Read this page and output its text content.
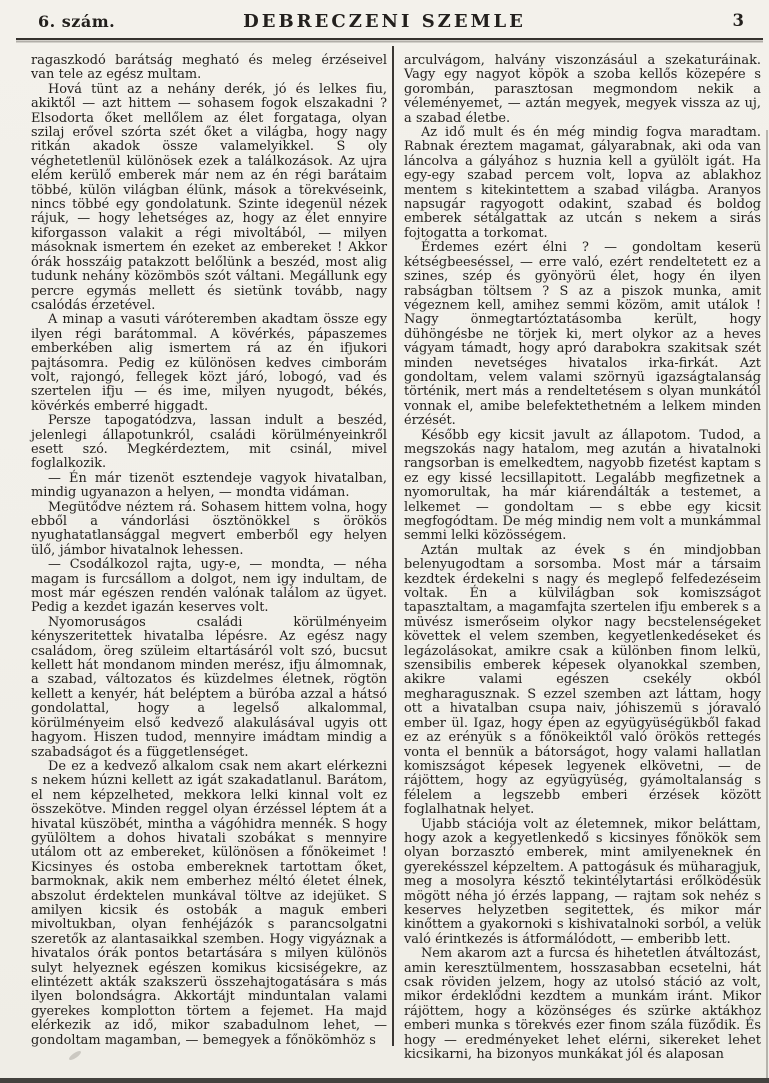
6. szám.	DEBRECZENI SZEMLE	3

ragaszkodó barátság megható és meleg érzéseivel van tele az egész multam.

Hová tünt az a nehány derék, jó és lelkes fiu, akiktől — azt hittem — sohasem fogok elszakadni ? Elsodorta őket mellőlem az élet forgataga, olyan szilaj erővel szórta szét őket a világba, hogy nagy ritkán akadok össze valamelyikkel. S oly véghetetlenül különösek ezek a találkozások. Az ujra elém kerülő emberek már nem az én régi barátaim többé, külön világban élünk, mások a törekvéseink, nincs többé egy gondolatunk. Szinte idegenül nézek rájuk, — hogy lehetséges az, hogy az élet ennyire kiforgasson valakit a régi mivoltából, — milyen másoknak ismertem én ezeket az embereket ! Akkor órák hosszáig patakzott belőlünk a beszéd, most alig tudunk nehány közömbös szót váltani. Megállunk egy percre egymás mellett és sietünk tovább, nagy csalódás érzetével.

A minap a vasuti váróteremben akadtam össze egy ilyen régi barátommal. A kövérkés, pápaszemes emberkében alig ismertem rá az én ifjukori pajtásomra. Pedig ez különösen kedves cimborám volt, rajongó, fellegek közt járó, lobogó, vad és szertelen ifju — és ime, milyen nyugodt, békés, kövérkés emberré higgadt.

Persze tapogatódzva, lassan indult a beszéd, jelenlegi állapotunkról, családi körülményeinkről esett szó. Megkérdeztem, mit csinál, mivel foglalkozik.

— Én már tizenöt esztendeje vagyok hivatalban, mindig ugyanazon a helyen, — mondta vidáman.

Megütődve néztem rá. Sohasem hittem volna, hogy ebből a vándorlási ösztönökkel s örökös nyughatatlansággal megvert emberből egy helyen ülő, jámbor hivatalnok lehessen.

— Csodálkozol rajta, ugy-e, — mondta, — néha magam is furcsállom a dolgot, nem igy indultam, de most már egészen rendén valónak találom az ügyet. Pedig a kezdet igazán keserves volt.

Nyomoruságos családi körülményeim kényszeritettek hivatalba lépésre. Az egész nagy családom, öreg szüleim eltartásáról volt szó, bucsut kellett hát mondanom minden merész, ifju álmomnak, a szabad, változatos és küzdelmes életnek, rögtön kellett a kenyér, hát beléptem a büróba azzal a hátsó gondolattal, hogy a legelső alkalommal, körülményeim első kedvező alakulásával ugyis ott hagyom. Hiszen tudod, mennyire imádtam mindig a szabadságot és a függetlenséget.

De ez a kedvező alkalom csak nem akart elérkezni s nekem húzni kellett az igát szakadatlanul. Barátom, el nem képzelheted, mekkora lelki kinnal volt ez összekötve. Minden reggel olyan érzéssel léptem át a hivatal küszöbét, mintha a vágóhidra mennék. S hogy gyülöltem a dohos hivatali szobákat s mennyire utálom ott az embereket, különösen a főnökeimet ! Kicsinyes és ostoba embereknek tartottam őket, barmoknak, akik nem emberhez méltó életet élnek, abszolut érdektelen munkával töltve az idejüket. S amilyen kicsik és ostobák a maguk emberi mivoltukban, olyan fenhéjázók s parancsolgatni szeretők az alantasaikkal szemben. Hogy vigyáznak a hivatalos órák pontos betartására s milyen különös sulyt helyeznek egészen komikus kicsiségekre, az elintézett akták szakszerü összehajtogatására s más ilyen bolondságra. Akkortájt minduntalan valami gyerekes komplotton törtem a fejemet. Ha majd elérkezik az idő, mikor szabadulnom lehet, — gondoltam magamban, — bemegyek a főnökömhöz s

arculvágom, halvány viszonzásául a szekaturáinak. Vagy egy nagyot köpök a szoba kellős közepére s gorombán, parasztosan megmondom nekik a véleményemet, — aztán megyek, megyek vissza az uj, a szabad életbe.

Az idő mult és én még mindig fogva maradtam. Rabnak éreztem magamat, gályarabnak, aki oda van láncolva a gályához s huznia kell a gyülölt igát. Ha egy-egy szabad percem volt, lopva az ablakhoz mentem s kitekintettem a szabad világba. Aranyos napsugár ragyogott odakint, szabad és boldog emberek sétálgattak az utcán s nekem a sirás fojtogatta a torkomat.

Érdemes ezért élni ? — gondoltam keserü kétségbeeséssel, — erre való, ezért rendeltetett ez a szines, szép és gyönyörü élet, hogy én ilyen rabságban töltsem ? S az a piszok munka, amit végeznem kell, amihez semmi közöm, amit utálok ! Nagy önmegtartóztatásomba került, hogy dühöngésbe ne törjek ki, mert olykor az a heves vágyam támadt, hogy apró darabokra szakitsak szét minden nevetséges hivatalos irka-firkát. Azt gondoltam, velem valami szörnyü igazságtalanság történik, mert más a rendeltetésem s olyan munkától vonnak el, amibe belefektethetném a lelkem minden érzését.

Később egy kicsit javult az állapotom. Tudod, a megszokás nagy hatalom, meg azután a hivatalnoki rangsorban is emelkedtem, nagyobb fizetést kaptam s ez egy kissé lecsillapitott. Legalább megfizetnek a nyomorultak, ha már kiárendálták a testemet, a lelkemet — gondoltam — s ebbe egy kicsit megfogódtam. De még mindig nem volt a munkámmal semmi lelki közösségem.

Aztán multak az évek s én mindjobban belenyugodtam a sorsomba. Most már a társaim kezdtek érdekelni s nagy és meglepő felfedezéseim voltak. Én a külvilágban sok komiszságot tapasztaltam, a magamfajta szertelen ifju emberek s a müvész ismerőseim olykor nagy becstelenségeket követtek el velem szemben, kegyetlenkedéseket és legázolásokat, amikre csak a különben finom lelkü, szensibilis emberek képesek olyanokkal szemben, akikre valami egészen csekély okból megharagusznak. S ezzel szemben azt láttam, hogy ott a hivatalban csupa naiv, jóhiszemü s jóravaló ember ül. Igaz, hogy épen az együgyüségükből fakad ez az erényük s a főnökeiktől való örökös rettegés vonta el bennük a bátorságot, hogy valami hallatlan komiszságot képesek legyenek elkövetni, — de rájöttem, hogy az együgyüség, gyámoltalanság s félelem a legszebb emberi érzések között foglalhatnak helyet.

Ujabb stációja volt az életemnek, mikor beláttam, hogy azok a kegyetlenkedő s kicsinyes főnökök sem olyan borzasztó emberek, mint amilyeneknek én gyerekésszel képzeltem. A pattogásuk és müharagjuk, meg a mosolyra késztő tekintélytartási erőlködésük mögött néha jó érzés lappang, — rajtam sok nehéz s keserves helyzetben segitettek, és mikor már kinőttem a gyakornoki s kishivatalnoki sorból, a velük való érintkezés is átformálódott, — emberibb lett.

Nem akarom azt a furcsa és hihetetlen átváltozást, amin keresztülmentem, hosszasabban ecsetelni, hát csak röviden jelzem, hogy az utolsó stáció az volt, mikor érdeklődni kezdtem a munkám iránt. Mikor rájöttem, hogy a közönséges és szürke aktákhoz emberi munka s törekvés ezer finom szála füződik. És hogy — eredményeket lehet elérni, sikereket lehet kicsikarni, ha bizonyos munkákat jól és alaposan
